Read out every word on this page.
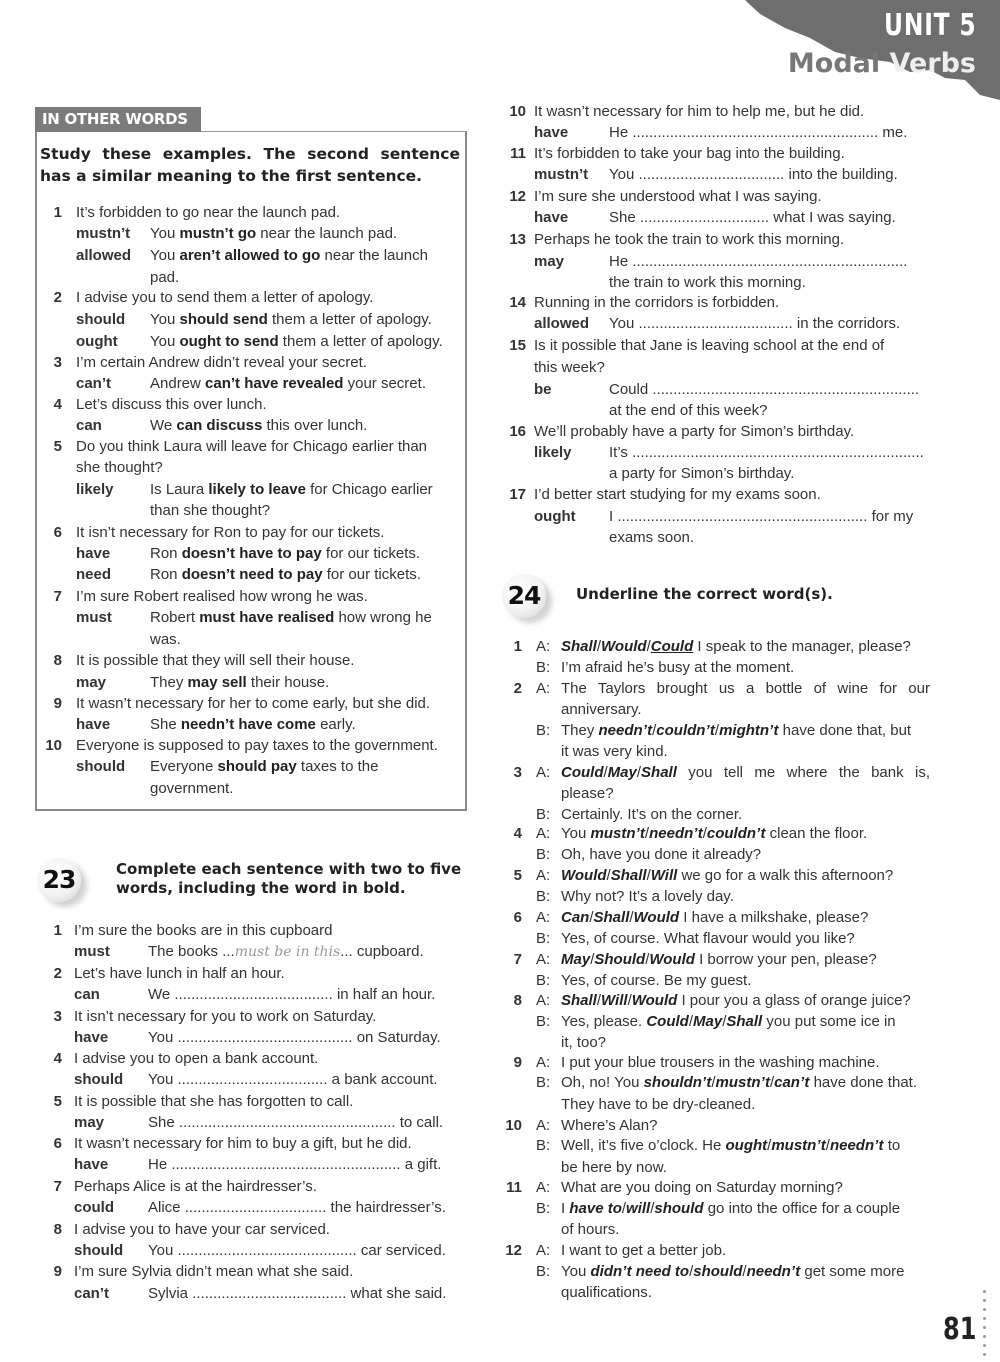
UNIT 5
Modal Verbs
IN OTHER WORDS
Study these examples. The second sentence has a similar meaning to the first sentence.
1 It’s forbidden to go near the launch pad.
mustn’t You mustn’t go near the launch pad.
allowed You aren’t allowed to go near the launch
pad.
2 I advise you to send them a letter of apology.
should You should send them a letter of apology.
ought You ought to send them a letter of apology.
3 I’m certain Andrew didn’t reveal your secret.
can’t	Andrew can’t have revealed your secret.
4 Let’s discuss this over lunch.
can	We can discuss this over lunch.
5 Do you think Laura will leave for Chicago earlier than
she thought?
likely Is Laura likely to leave for Chicago earlier
than she thought?
6 It isn’t necessary for Ron to pay for our tickets.
have	Ron doesn’t have to pay for our tickets.
need	Ron doesn’t need to pay for our tickets.
7 I’m sure Robert realised how wrong he was.
must	Robert must have realised how wrong he
was.
8 It is possible that they will sell their house.
may	They may sell their house.
9 It wasn’t necessary for her to come early, but she did.
have	She needn’t have come early.
10 Everyone is supposed to pay taxes to the government.
should Everyone should pay taxes to the
government.
23	Complete each sentence with two to five
words, including the word in bold.
1 I’m sure the books are in this cupboard
must	The books ...must be in this... cupboard.
2 Let’s have lunch in half an hour.
can	We ...................................... in half an hour.
3 It isn’t necessary for you to work on Saturday.
have	You .......................................... on Saturday.
4 I advise you to open a bank account.
should You .................................... a bank account.
5 It is possible that she has forgotten to call.
may	She .................................................... to call.
6 It wasn’t necessary for him to buy a gift, but he did.
have	He ....................................................... a gift.
7 Perhaps Alice is at the hairdresser’s.
could Alice .................................. the hairdresser’s.
8 I advise you to have your car serviced.
should You ........................................... car serviced.
9 I’m sure Sylvia didn’t mean what she said.
can’t	Sylvia ..................................... what she said.
10 It wasn’t necessary for him to help me, but he did.
have	He ........................................................... me.
11 It’s forbidden to take your bag into the building.
mustn’t You ................................... into the building.
12 I’m sure she understood what I was saying.
have	She ............................... what I was saying.
13 Perhaps he took the train to work this morning.
may	He ..................................................................
the train to work this morning.
14 Running in the corridors is forbidden.
allowed You ..................................... in the corridors.
15 Is it possible that Jane is leaving school at the end of
this week?
be	Could ................................................................
at the end of this week?
16 We’ll probably have a party for Simon’s birthday.
likely It’s ......................................................................
a party for Simon’s birthday.
17 I’d better start studying for my exams soon.
ought I ............................................................ for my
exams soon.
24	Underline the correct word(s).
1 A: Shall/Would/Could I speak to the manager, please?
B: I’m afraid he’s busy at the moment.
2 A: The Taylors brought us a bottle of wine for our
anniversary.
B: They needn’t/couldn’t/mightn’t have done that, but
it was very kind.
3 A: Could/May/Shall you tell me where the bank is,
please?
B: Certainly. It’s on the corner.
4 A: You mustn’t/needn’t/couldn’t clean the floor.
B: Oh, have you done it already?
5 A: Would/Shall/Will we go for a walk this afternoon?
B: Why not? It’s a lovely day.
6 A: Can/Shall/Would I have a milkshake, please?
B: Yes, of course. What flavour would you like?
7 A: May/Should/Would I borrow your pen, please?
B: Yes, of course. Be my guest.
8 A: Shall/Will/Would I pour you a glass of orange juice?
B: Yes, please. Could/May/Shall you put some ice in
it, too?
9 A: I put your blue trousers in the washing machine.
B: Oh, no! You shouldn’t/mustn’t/can’t have done that.
They have to be dry-cleaned.
10 A: Where’s Alan?
B: Well, it’s five o’clock. He ought/mustn’t/needn’t to
be here by now.
11 A: What are you doing on Saturday morning?
B: I have to/will/should go into the office for a couple
of hours.
12 A: I want to get a better job.
B: You didn’t need to/should/needn’t get some more
qualifications.
81
